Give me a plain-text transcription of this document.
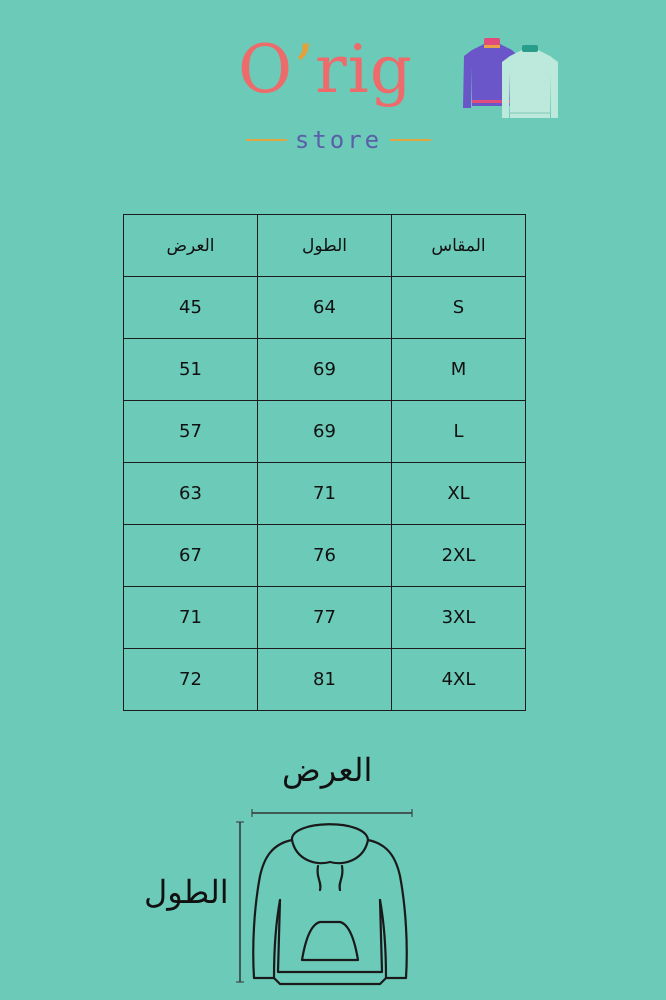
O’rig
store
المقاس	الطول	العرض
S	64	45
M	69	51
L	69	57
XL	71	63
2XL	76	67
3XL	77	71
4XL	81	72
العرض
الطول
